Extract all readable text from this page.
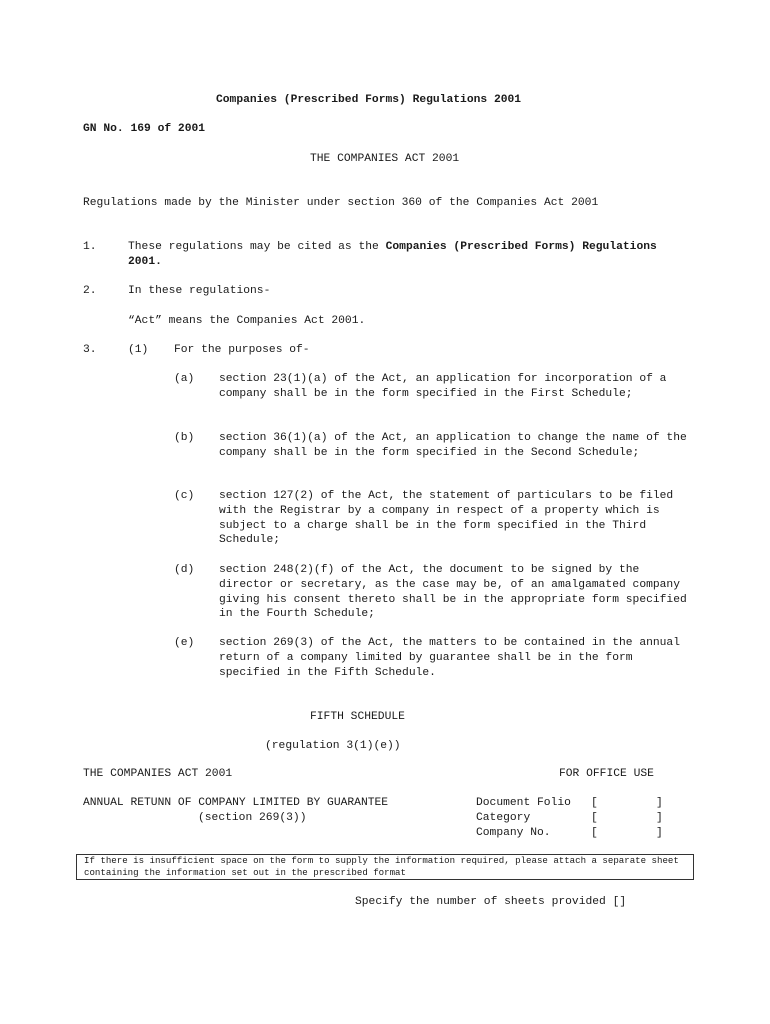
Companies (Prescribed Forms) Regulations 2001
GN No. 169 of 2001
THE COMPANIES ACT 2001
Regulations made by the Minister under section 360 of the Companies Act 2001
1.	These regulations may be cited as the Companies (Prescribed Forms) Regulations 2001.
2.	In these regulations-
“Act” means the Companies Act 2001.
3.	(1) For the purposes of-
(a) section 23(1)(a) of the Act, an application for incorporation of a company shall be in the form specified in the First Schedule;
(b) section 36(1)(a) of the Act, an application to change the name of the company shall be in the form specified in the Second Schedule;
(c) section 127(2) of the Act, the statement of particulars to be filed with the Registrar by a company in respect of a property which is subject to a charge shall be in the form specified in the Third Schedule;
(d) section 248(2)(f) of the Act, the document to be signed by the director or secretary, as the case may be, of an amalgamated company giving his consent thereto shall be in the appropriate form specified in the Fourth Schedule;
(e) section 269(3) of the Act, the matters to be contained in the annual return of a company limited by guarantee shall be in the form specified in the Fifth Schedule.
FIFTH SCHEDULE
(regulation 3(1)(e))
THE COMPANIES ACT 2001	FOR OFFICE USE
ANNUAL RETUNN OF COMPANY LIMITED BY GUARANTEE
(section 269(3))
Document Folio [	]
Category	[	]
Company No.	[	]
If there is insufficient space on the form to supply the information required, please attach a separate sheet containing the information set out in the prescribed format
Specify the number of sheets provided []
